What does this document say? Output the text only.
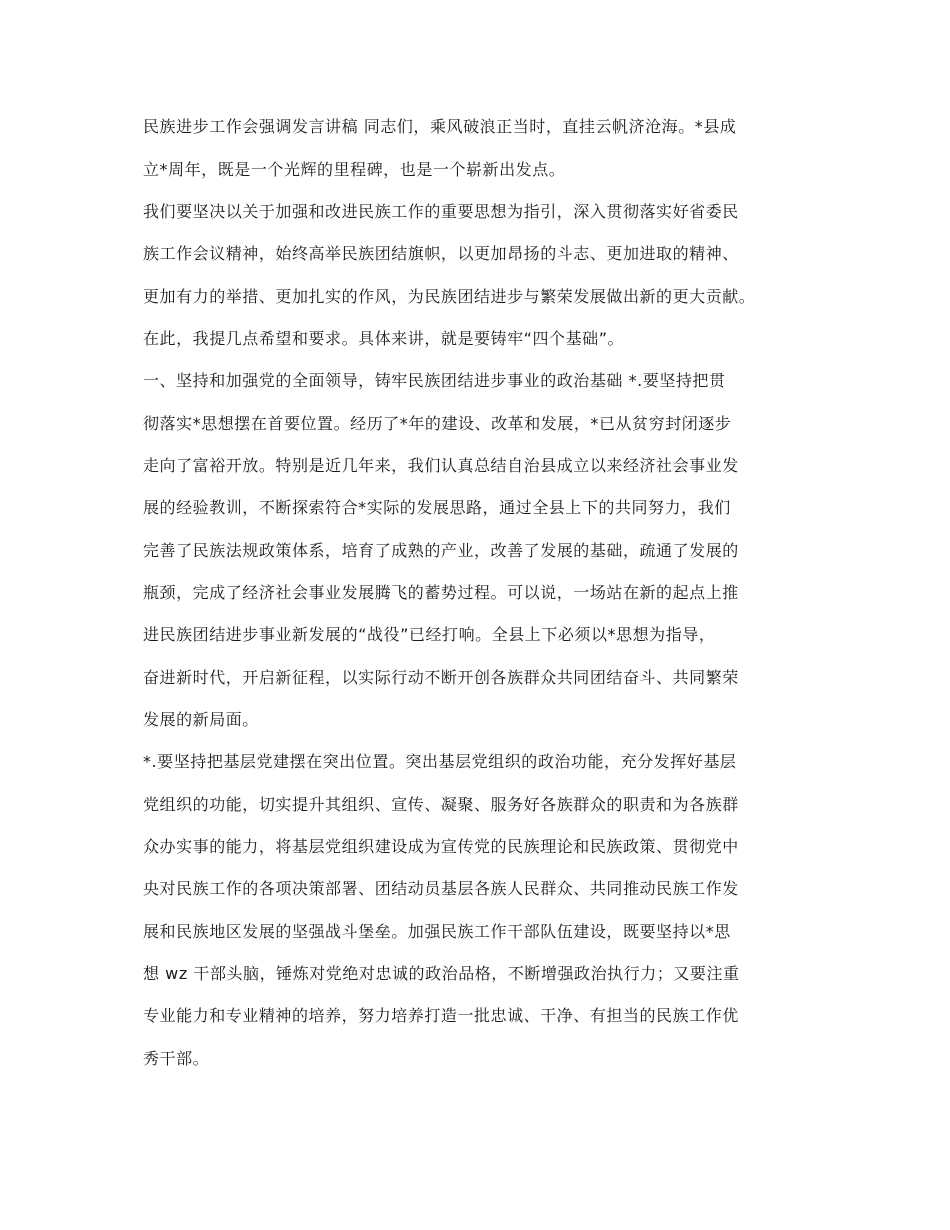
民族进步工作会强调发言讲稿 同志们，乘风破浪正当时，直挂云帆济沧海。*县成
立*周年，既是一个光辉的里程碑，也是一个崭新出发点。
我们要坚决以关于加强和改进民族工作的重要思想为指引，深入贯彻落实好省委民
族工作会议精神，始终高举民族团结旗帜，以更加昂扬的斗志、更加进取的精神、
更加有力的举措、更加扎实的作风，为民族团结进步与繁荣发展做出新的更大贡献。
在此，我提几点希望和要求。具体来讲，就是要铸牢“四个基础”。
一、坚持和加强党的全面领导，铸牢民族团结进步事业的政治基础 *.要坚持把贯
彻落实*思想摆在首要位置。经历了*年的建设、改革和发展，*已从贫穷封闭逐步
走向了富裕开放。特别是近几年来，我们认真总结自治县成立以来经济社会事业发
展的经验教训，不断探索符合*实际的发展思路，通过全县上下的共同努力，我们
完善了民族法规政策体系，培育了成熟的产业，改善了发展的基础，疏通了发展的
瓶颈，完成了经济社会事业发展腾飞的蓄势过程。可以说，一场站在新的起点上推
进民族团结进步事业新发展的“战役”已经打响。全县上下必须以*思想为指导，
奋进新时代，开启新征程，以实际行动不断开创各族群众共同团结奋斗、共同繁荣
发展的新局面。
*.要坚持把基层党建摆在突出位置。突出基层党组织的政治功能，充分发挥好基层
党组织的功能，切实提升其组织、宣传、凝聚、服务好各族群众的职责和为各族群
众办实事的能力，将基层党组织建设成为宣传党的民族理论和民族政策、贯彻党中
央对民族工作的各项决策部署、团结动员基层各族人民群众、共同推动民族工作发
展和民族地区发展的坚强战斗堡垒。加强民族工作干部队伍建设，既要坚持以*思
想 wz 干部头脑，锤炼对党绝对忠诚的政治品格，不断增强政治执行力；又要注重
专业能力和专业精神的培养，努力培养打造一批忠诚、干净、有担当的民族工作优
秀干部。
